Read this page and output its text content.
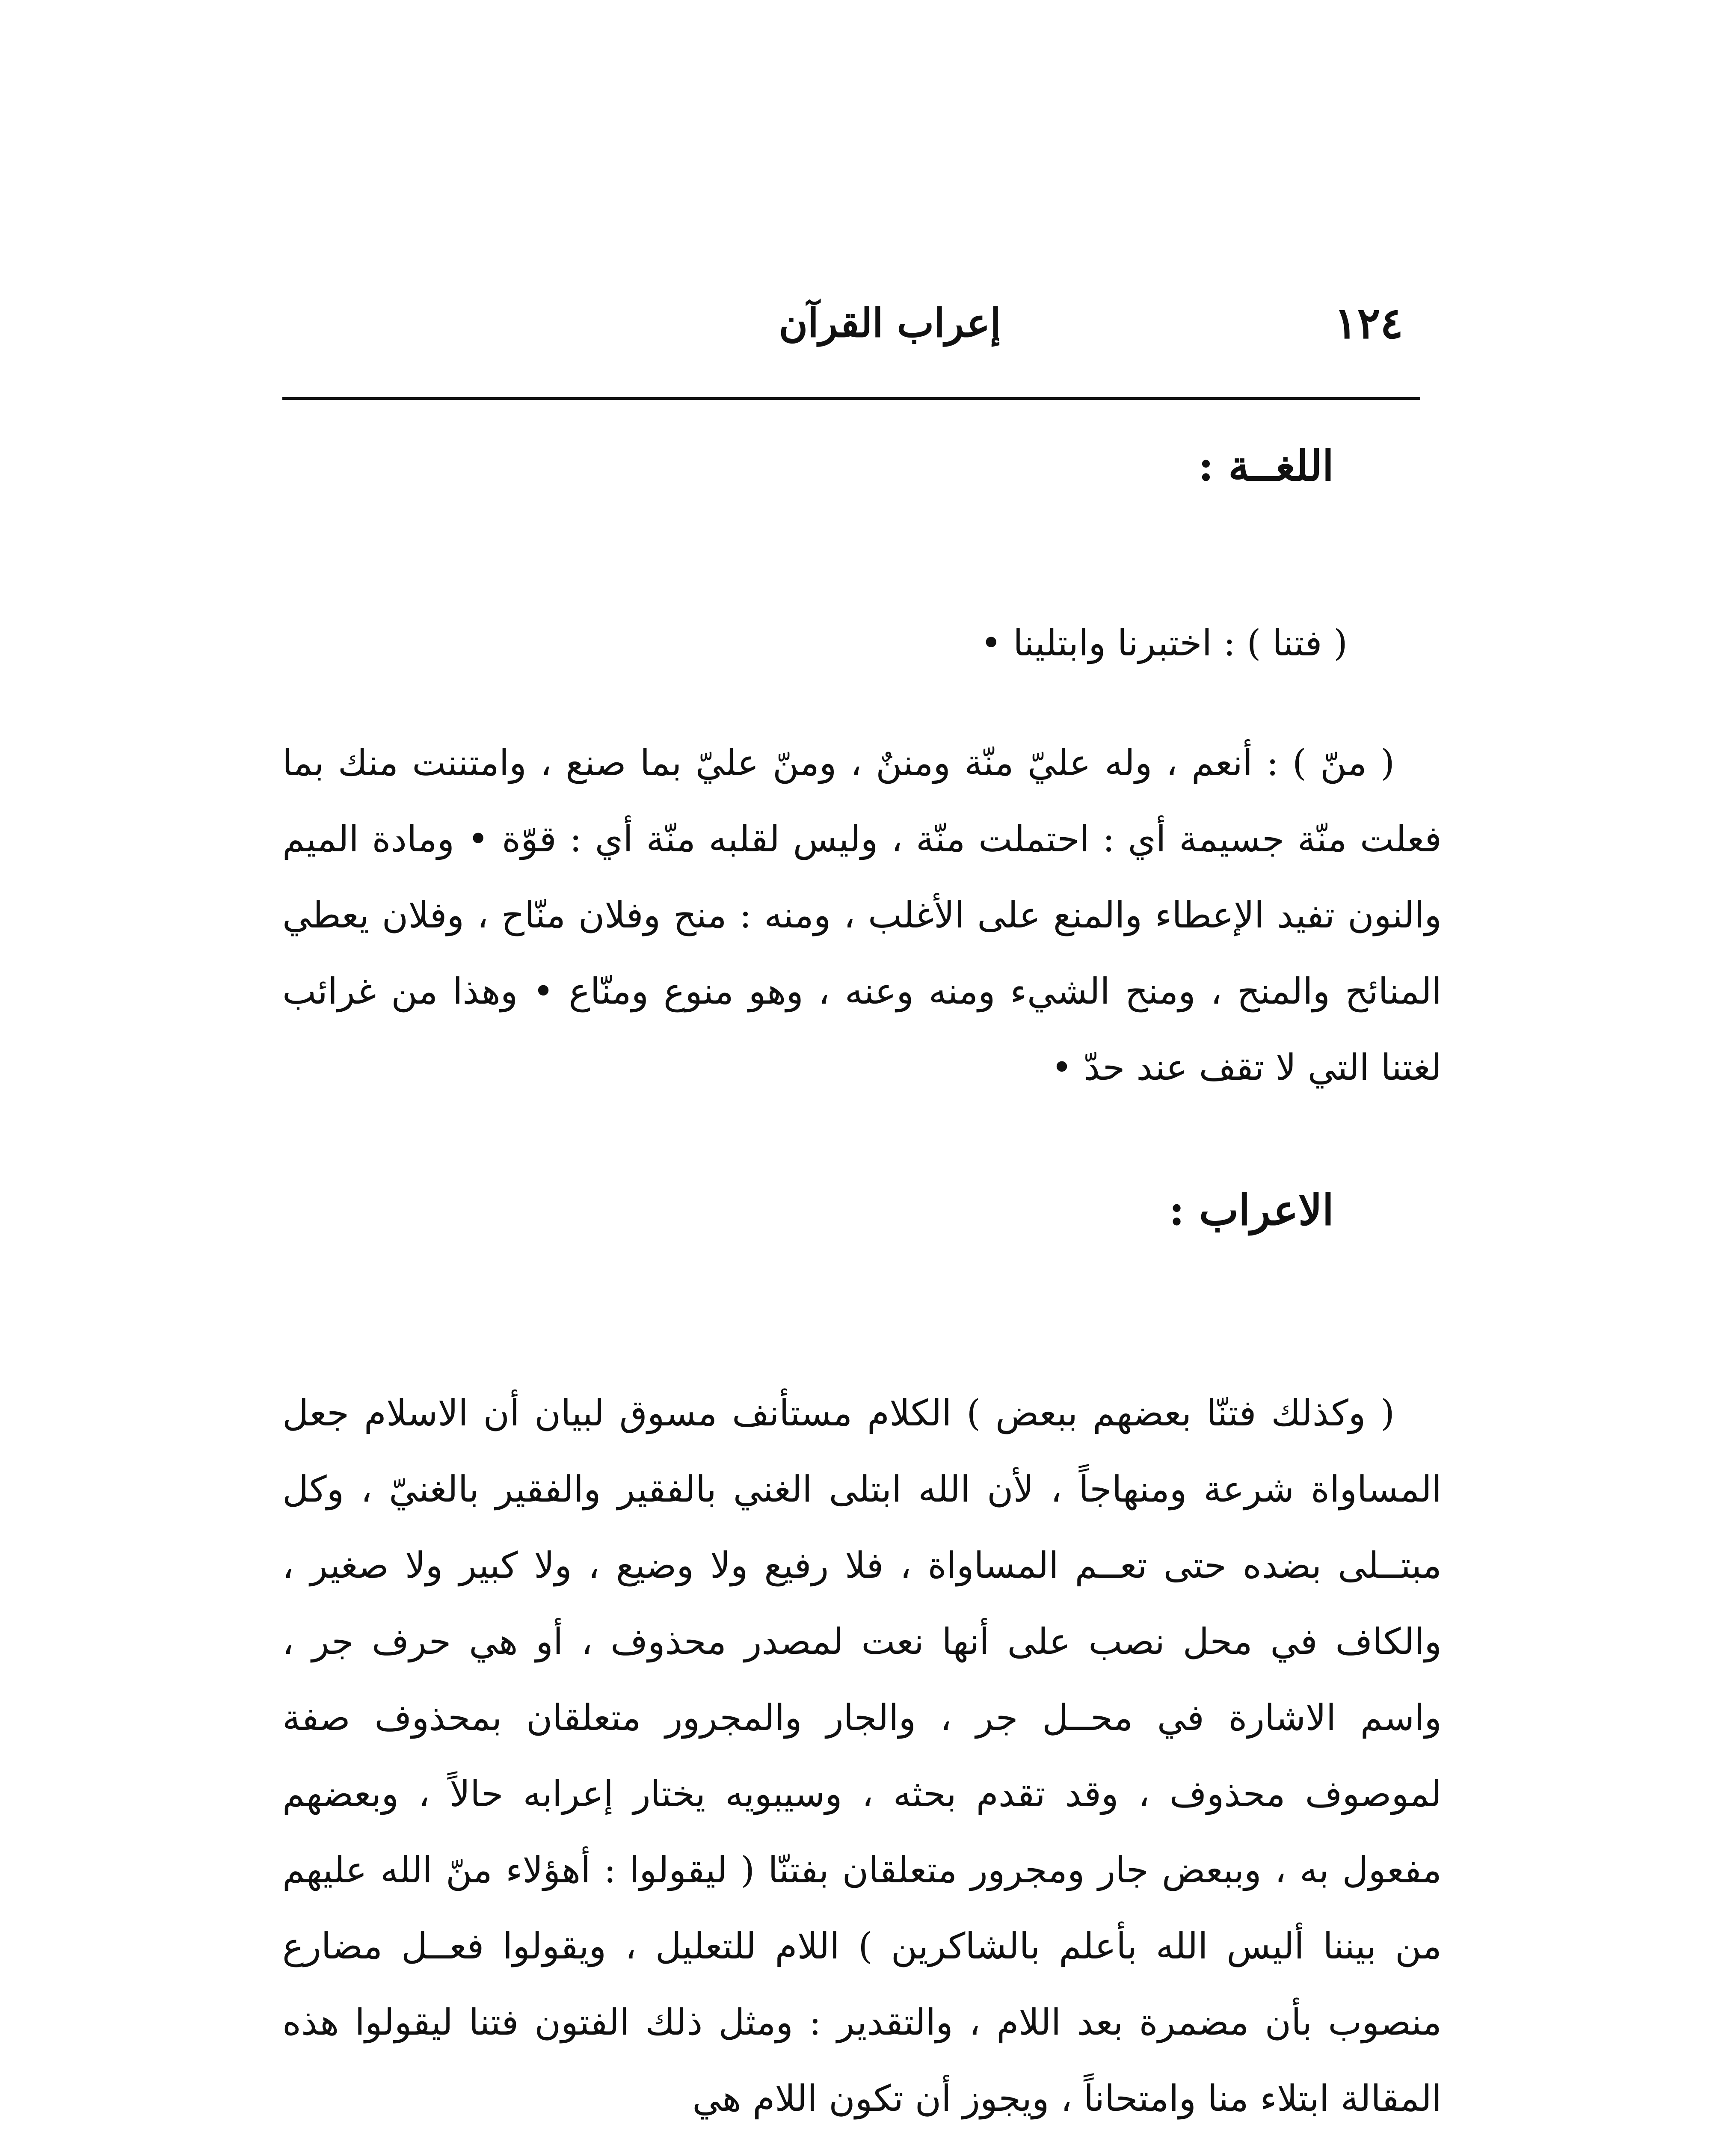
١٢٤
إعراب القرآن
اللغــة :

( فتنا ) : اختبرنا وابتلينا •

( منّ ) : أنعم ، وله عليّ منّة ومننٌ ، ومنّ عليّ بما صنع ، وامتننت منك بما فعلت منّة جسيمة أي : احتملت منّة ، وليس لقلبه منّة أي : قوّة • ومادة الميم والنون تفيد الإعطاء والمنع على الأغلب ، ومنه : منح وفلان منّاح ، وفلان يعطي المنائح والمنح ، ومنح الشيء ومنه وعنه ، وهو منوع ومنّاع • وهذا من غرائب لغتنا التي لا تقف عند حدّ •

الاعراب :

( وكذلك فتنّا بعضهم ببعض ) الكلام مستأنف مسوق لبيان أن الاسلام جعل المساواة شرعة ومنهاجاً ، لأن الله ابتلى الغني بالفقير والفقير بالغنيّ ، وكل مبتــلى بضده حتى تعــم المساواة ، فلا رفيع ولا وضيع ، ولا كبير ولا صغير ، والكاف في محل نصب على أنها نعت لمصدر محذوف ، أو هي حرف جر ، واسم الاشارة في محــل جر ، والجار والمجرور متعلقان بمحذوف صفة لموصوف محذوف ، وقد تقدم بحثه ، وسيبويه يختار إعرابه حالاً ، وبعضهم مفعول به ، وببعض جار ومجرور متعلقان بفتنّا ( ليقولوا : أهؤلاء منّ الله عليهم من بيننا أليس الله بأعلم بالشاكرين ) اللام للتعليل ، ويقولوا فعــل مضارع منصوب بأن مضمرة بعد اللام ، والتقدير : ومثل ذلك الفتون فتنا ليقولوا هذه المقالة ابتلاء منا وامتحاناً ، ويجوز أن تكون اللام هي
